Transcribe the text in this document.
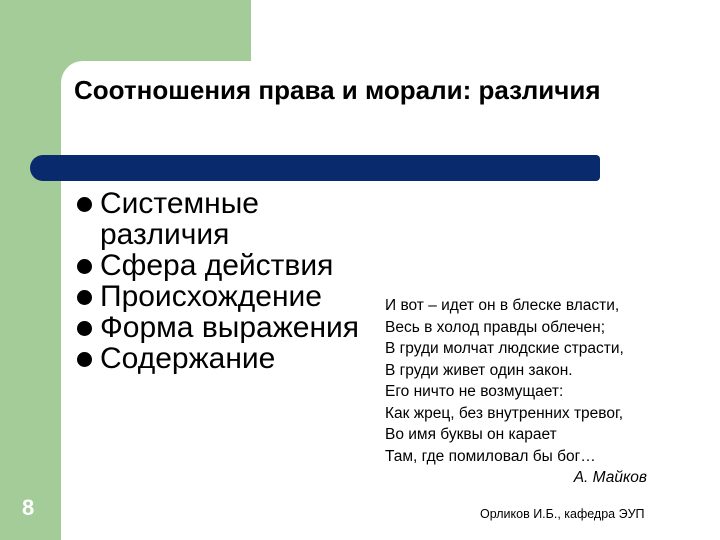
Соотношения права и морали: различия
Системные различия
Сфера действия
Происхождение
Форма выражения
Содержание
И вот – идет он в блеске власти,
Весь в холод правды облечен;
В груди молчат людские страсти,
В груди живет один закон.
Его ничто не возмущает:
Как жрец, без внутренних тревог,
Во имя буквы он карает
Там, где помиловал бы бог…
А. Майков
8	Орликов И.Б., кафедра ЭУП
